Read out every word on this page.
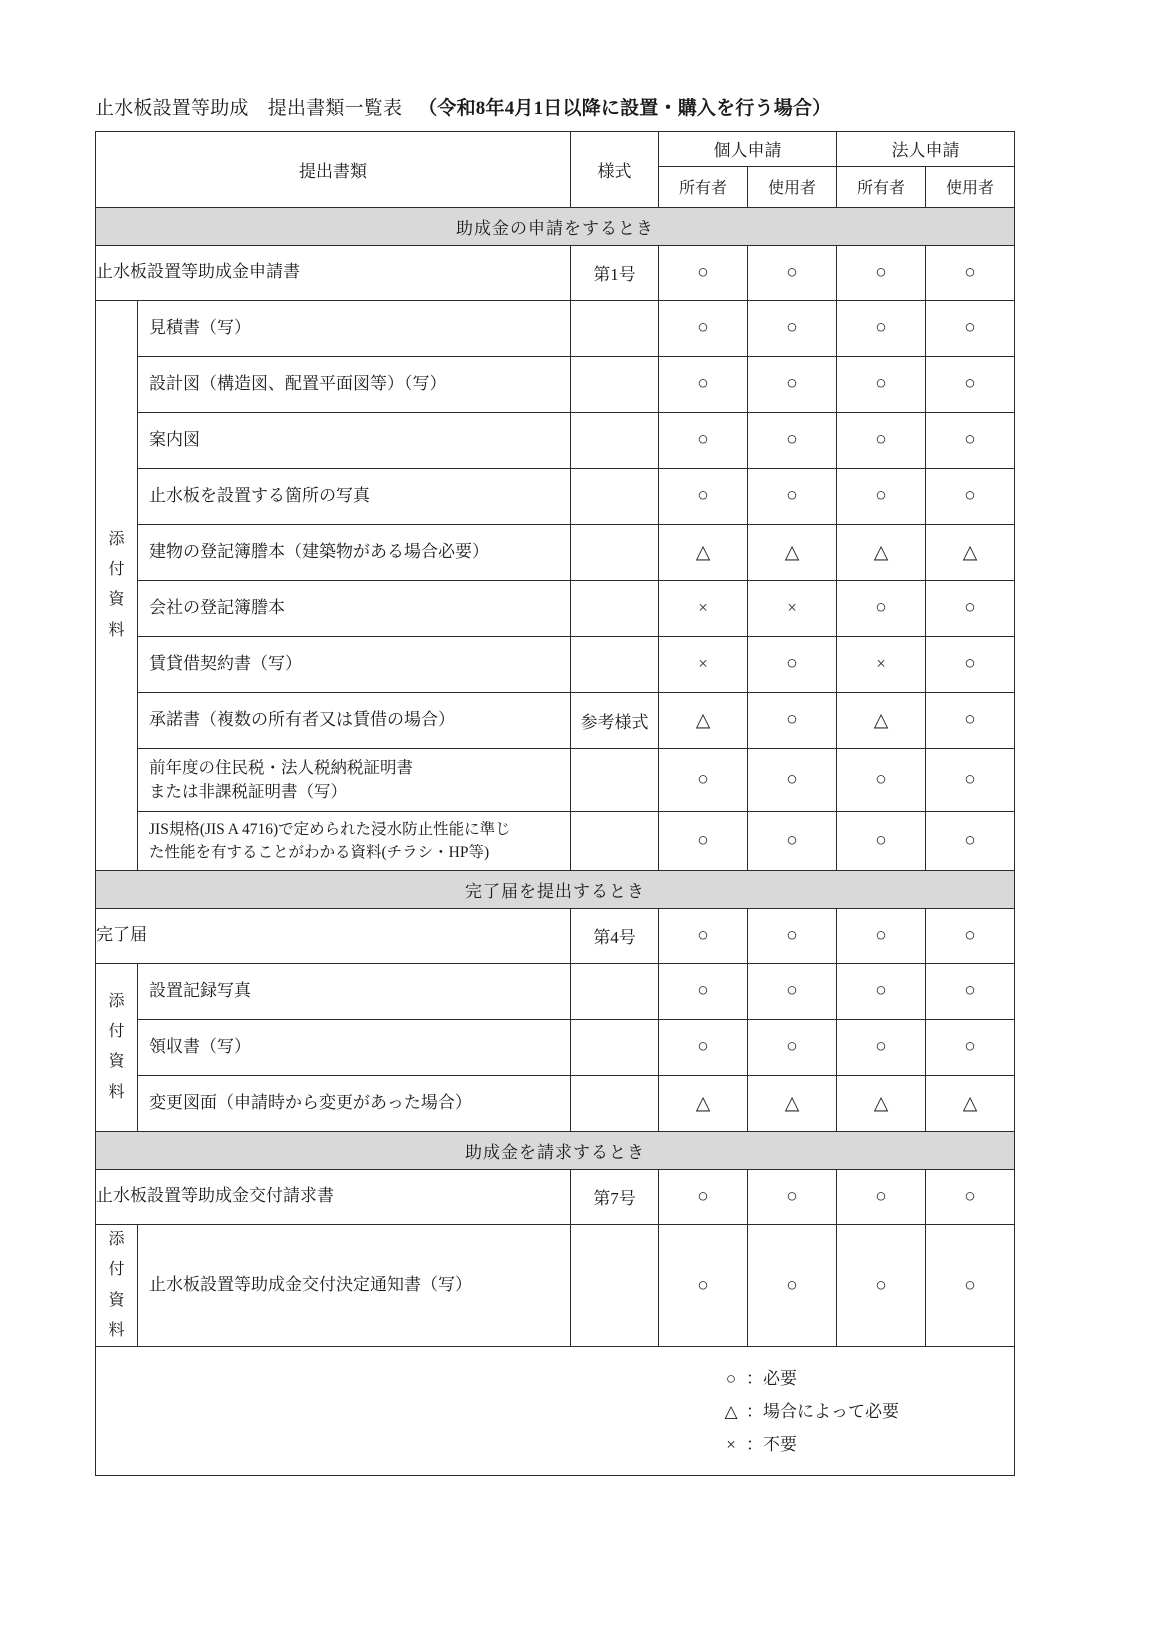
止水板設置等助成　提出書類一覧表 （令和8年4月1日以降に設置・購入を行う場合）
提出書類		様式	個人申請		法人申請	
			所有者	使用者	所有者	使用者
助成金の申請をするとき						
止水板設置等助成金申請書		第1号	○	○	○	○

添
付
資
料	見積書（写）		○	○	○	○
	設計図（構造図、配置平面図等）（写）		○	○	○	○
	案内図		○	○	○	○
	止水板を設置する箇所の写真		○	○	○	○
	建物の登記簿謄本（建築物がある場合必要）		△	△	△	△
	会社の登記簿謄本		×	×	○	○
	賃貸借契約書（写）		×	○	×	○
	承諾書（複数の所有者又は賃借の場合）	参考様式	△	○	△	○

	前年度の住民税・法人税納税証明書
または非課税証明書（写）		○	○	○	○

	JIS規格(JIS A 4716)で定められた浸水防止性能に準じ
た性能を有することがわかる資料(チラシ・HP等)		○	○	○	○
完了届を提出するとき						
完了届		第4号	○	○	○	○

添
付
資
料	設置記録写真		○	○	○	○
	領収書（写）		○	○	○	○
	変更図面（申請時から変更があった場合）		△	△	△	△
助成金を請求するとき						
止水板設置等助成金交付請求書		第7号	○	○	○	○

添
付
資
料	止水板設置等助成金交付決定通知書（写）		○	○	○	○

○ ：必要
△ ：場合によって必要
× ：不要						
